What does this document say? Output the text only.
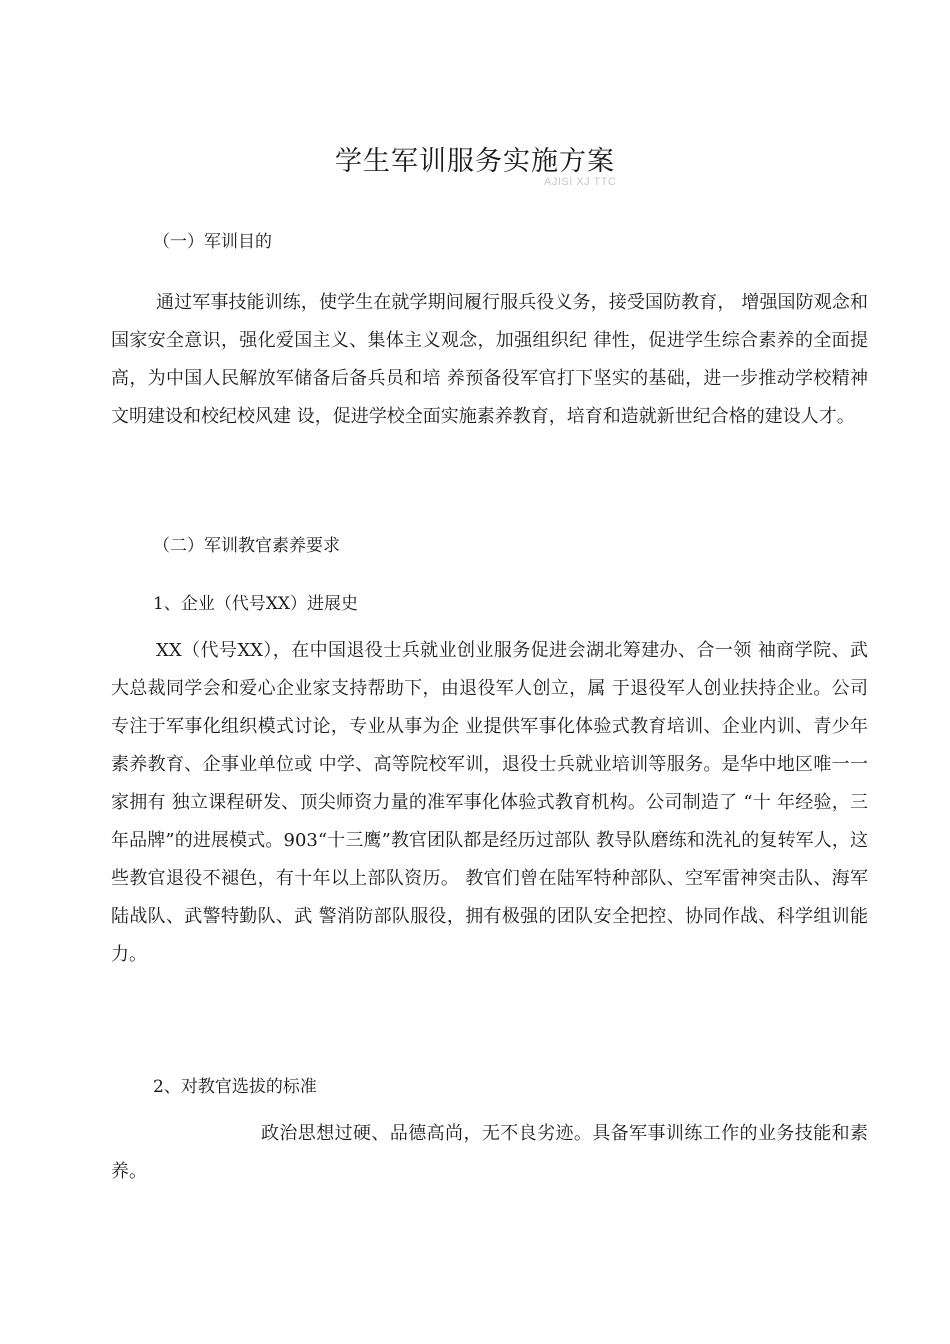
学生军训服务实施方案
AJISI XJ TTC

（一）军训目的

通过军事技能训练，使学生在就学期间履行服兵役义务，接受国防教育， 增强国防观念和国家安全意识，强化爱国主义、集体主义观念，加强组织纪 律性，促进学生综合素养的全面提高，为中国人民解放军储备后备兵员和培 养预备役军官打下坚实的基础，进一步推动学校精神文明建设和校纪校风建 设，促进学校全面实施素养教育，培育和造就新世纪合格的建设人才。

（二）军训教官素养要求

1、企业（代号XX）进展史

XX（代号XX），在中国退役士兵就业创业服务促进会湖北筹建办、合一领 袖商学院、武大总裁同学会和爱心企业家支持帮助下，由退役军人创立，属 于退役军人创业扶持企业。公司专注于军事化组织模式讨论，专业从事为企 业提供军事化体验式教育培训、企业内训、青少年素养教育、企事业单位或 中学、高等院校军训，退役士兵就业培训等服务。是华中地区唯一一家拥有 独立课程研发、顶尖师资力量的准军事化体验式教育机构。公司制造了 “十 年经验，三年品牌”的进展模式。903“十三鹰”教官团队都是经历过部队 教导队磨练和洗礼的复转军人，这些教官退役不褪色，有十年以上部队资历。 教官们曾在陆军特种部队、空军雷神突击队、海军陆战队、武警特勤队、武 警消防部队服役，拥有极强的团队安全把控、协同作战、科学组训能力。

2、对教官选拔的标准

政治思想过硬、品德高尚，无不良劣迹。具备军事训练工作的业务技能和素养。
